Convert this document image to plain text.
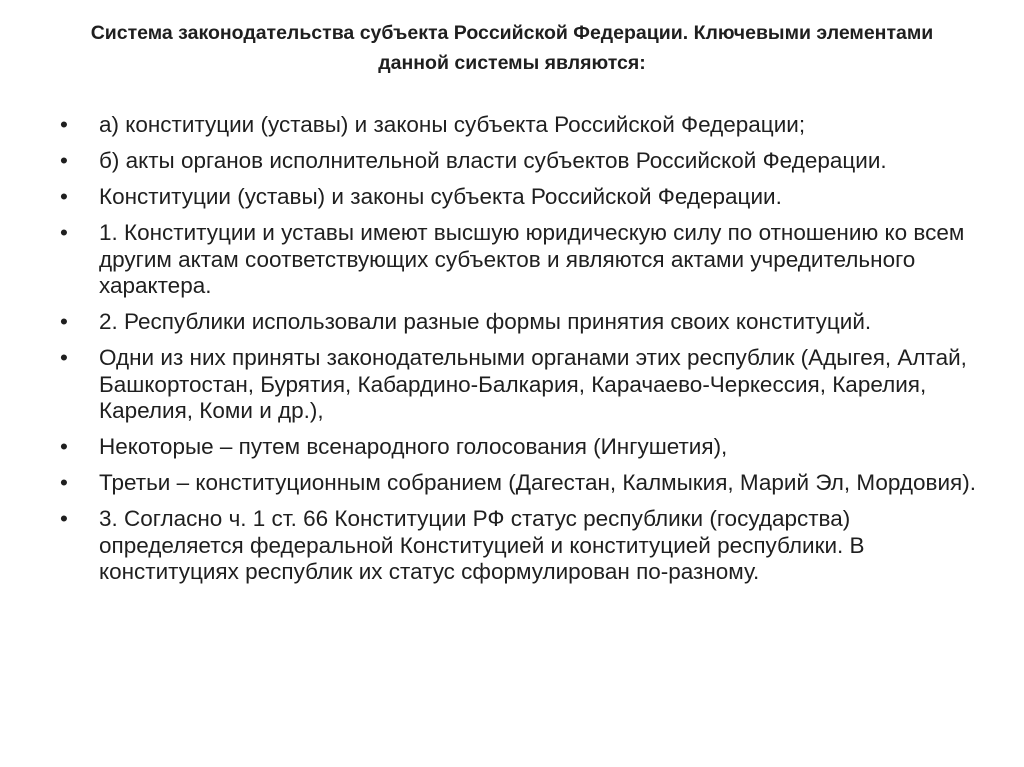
Система законодательства субъекта Российской Федерации. Ключевыми элементами данной системы являются:
• а) конституции (уставы) и законы субъекта Российской Федерации;
• б) акты органов исполнительной власти субъектов Российской Федерации.
• Конституции (уставы) и законы субъекта Российской Федерации.
• 1. Конституции и уставы имеют высшую юридическую силу по отношению ко всем другим актам соответствующих субъектов и являются актами учредительного характера.
• 2. Республики использовали разные формы принятия своих конституций.
• Одни из них приняты законодательными органами этих республик (Адыгея, Алтай, Башкортостан, Бурятия, Кабардино-Балкария, Карачаево-Черкессия, Карелия, Карелия, Коми и др.),
• Некоторые – путем всенародного голосования (Ингушетия),
• Третьи – конституционным собранием (Дагестан, Калмыкия, Марий Эл, Мордовия).
• 3. Согласно ч. 1 ст. 66 Конституции РФ статус республики (государства) определяется федеральной Конституцией и конституцией республики. В конституциях республик их статус сформулирован по-разному.
